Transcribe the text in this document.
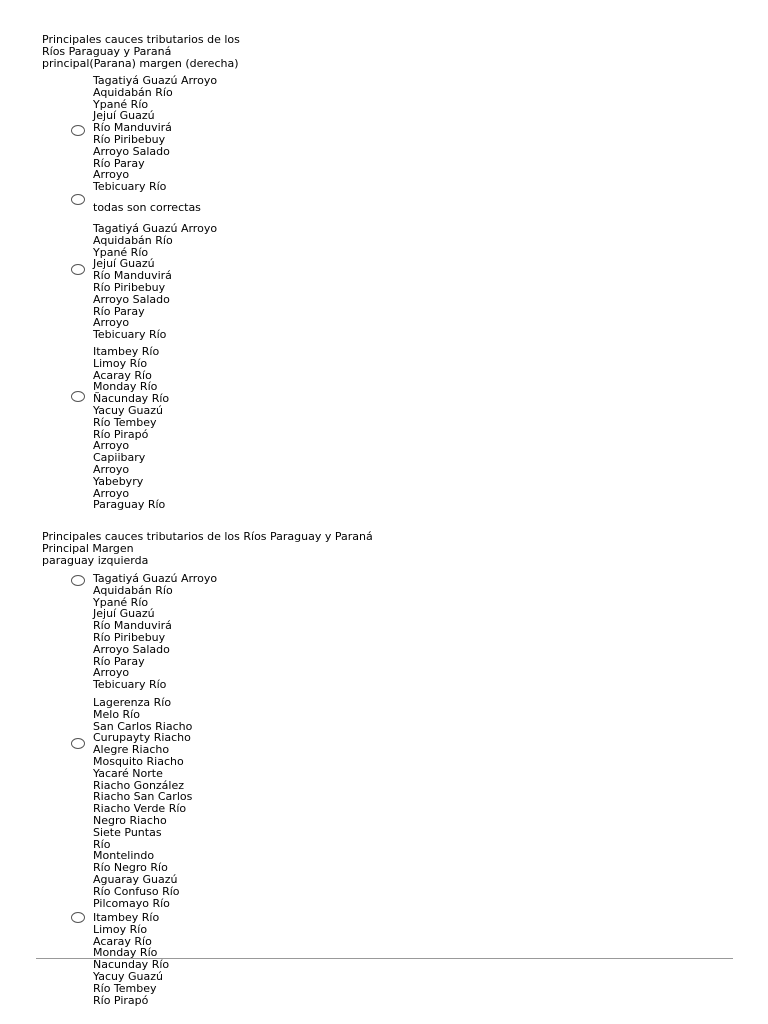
Principales cauces tributarios de los
Ríos Paraguay y Paraná
principal(Parana) margen (derecha)
Tagatiyá Guazú Arroyo
Aquidabán Río
Ypané Río
Jejuí Guazú
Río Manduvirá
Río Piribebuy
Arroyo Salado
Río Paray
Arroyo
Tebicuary Río
todas son correctas
Tagatiyá Guazú Arroyo
Aquidabán Río
Ypané Río
Jejuí Guazú
Río Manduvirá
Río Piribebuy
Arroyo Salado
Río Paray
Arroyo
Tebicuary Río
Itambey Río
Limoy Río
Acaray Río
Monday Río
Ñacunday Río
Yacuy Guazú
Río Tembey
Río Pirapó
Arroyo
Capiibary
Arroyo
Yabebyry
Arroyo
Paraguay Río
Principales cauces tributarios de los Ríos Paraguay y Paraná
Principal Margen
paraguay izquierda
Tagatiyá Guazú Arroyo
Aquidabán Río
Ypané Río
Jejuí Guazú
Río Manduvirá
Río Piribebuy
Arroyo Salado
Río Paray
Arroyo
Tebicuary Río
Lagerenza Río
Melo Río
San Carlos Riacho
Curupayty Riacho
Alegre Riacho
Mosquito Riacho
Yacaré Norte
Riacho González
Riacho San Carlos
Riacho Verde Río
Negro Riacho
Siete Puntas
Río
Montelindo
Río Negro Río
Aguaray Guazú
Río Confuso Río
Pilcomayo Río
Itambey Río
Limoy Río
Acaray Río
Monday Río
Ñacunday Río
Yacuy Guazú
Río Tembey
Río Pirapó
